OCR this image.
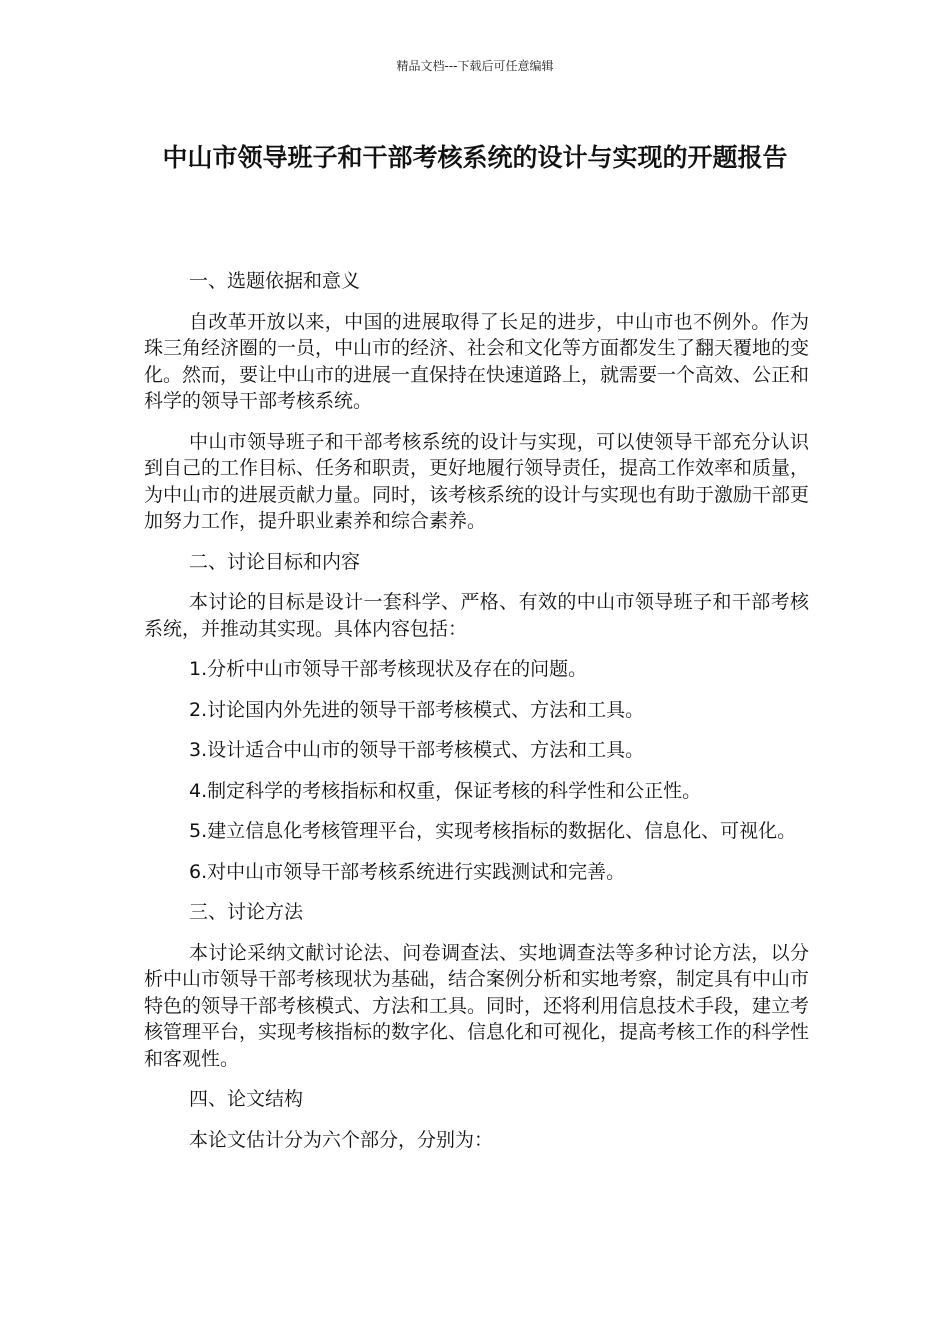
精品文档---下载后可任意编辑
中山市领导班子和干部考核系统的设计与实现的开题报告

一、选题依据和意义

自改革开放以来，中国的进展取得了长足的进步，中山市也不例外。作为珠三角经济圈的一员，中山市的经济、社会和文化等方面都发生了翻天覆地的变化。然而，要让中山市的进展一直保持在快速道路上，就需要一个高效、公正和科学的领导干部考核系统。

中山市领导班子和干部考核系统的设计与实现，可以使领导干部充分认识到自己的工作目标、任务和职责，更好地履行领导责任，提高工作效率和质量，为中山市的进展贡献力量。同时，该考核系统的设计与实现也有助于激励干部更加努力工作，提升职业素养和综合素养。

二、讨论目标和内容

本讨论的目标是设计一套科学、严格、有效的中山市领导班子和干部考核系统，并推动其实现。具体内容包括：

1.分析中山市领导干部考核现状及存在的问题。

2.讨论国内外先进的领导干部考核模式、方法和工具。

3.设计适合中山市的领导干部考核模式、方法和工具。

4.制定科学的考核指标和权重，保证考核的科学性和公正性。

5.建立信息化考核管理平台，实现考核指标的数据化、信息化、可视化。

6.对中山市领导干部考核系统进行实践测试和完善。

三、讨论方法

本讨论采纳文献讨论法、问卷调查法、实地调查法等多种讨论方法，以分析中山市领导干部考核现状为基础，结合案例分析和实地考察，制定具有中山市特色的领导干部考核模式、方法和工具。同时，还将利用信息技术手段，建立考核管理平台，实现考核指标的数字化、信息化和可视化，提高考核工作的科学性和客观性。

四、论文结构

本论文估计分为六个部分，分别为：
